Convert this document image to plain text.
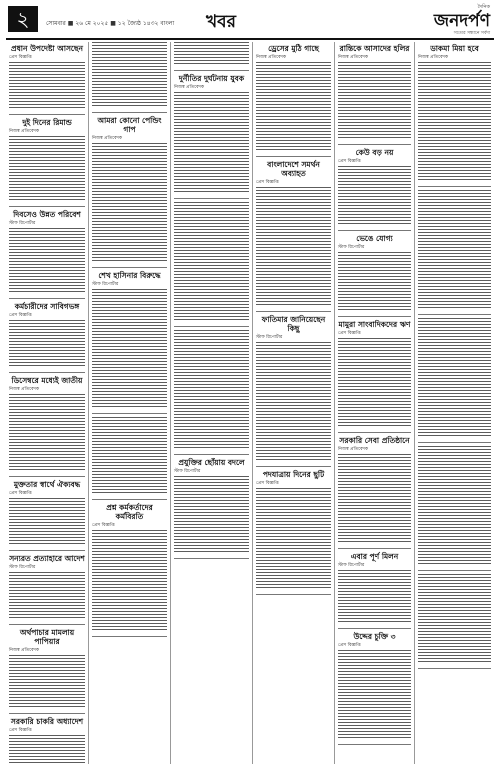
২	সোমবার ■ ২৬ মে ২০২৫ ■ ১২ জ্যৈষ্ঠ ১৪৩২ বাংলা খবর
দৈনিক
জনদর্পণ
সত্যের সন্ধানে সর্বদা
প্রধান উপদেষ্টা আসছেন
প্রেস বিজ্ঞপ্তি
দুই দিনের রিমান্ড
নিজস্ব প্রতিবেদক
দিবসেও উন্নত পরিবেশ
স্টাফ রিপোর্টার
কর্মচারীদের সাবিগভঙ্গ
প্রেস বিজ্ঞপ্তি
ডিসেম্বরে মধ্যেই জাতীয়
নিজস্ব প্রতিবেদক
মুক্ততার স্বার্থে ঐক্যবদ্ধ
প্রেস বিজ্ঞপ্তি
সন্যরত প্রত্যাহারে আদেশ
স্টাফ রিপোর্টার
অর্থপাচার মামলায় পাপিয়ার
নিজস্ব প্রতিবেদক
সরকারি চাকরি অধ্যাদেশ
প্রেস বিজ্ঞপ্তি
আমরা কোনো পেন্ডিং গাপ
নিজস্ব প্রতিবেদক
শেখ হাসিনার বিরুদ্ধে
স্টাফ রিপোর্টার
প্রশ্ন কর্মকর্তাদের কর্মবিরতি
প্রেস বিজ্ঞপ্তি
দুর্নীতির দুর্ঘটনায় যুবক
নিজস্ব প্রতিবেদক
প্রযুক্তির ছোঁয়ায় বদলে
স্টাফ রিপোর্টার
ড্রেসের মুঠি গাছে
নিজস্ব প্রতিবেদক
বাংলাদেশে সমর্থন অব্যাহত
প্রেস বিজ্ঞপ্তি
ফাতিমার জানিয়েছেন কিছু
স্টাফ রিপোর্টার
পদযাত্রায় দিনের ছুটি
প্রেস বিজ্ঞপ্তি
রান্তিকে আসাদের হলির
নিজস্ব প্রতিবেদক
কেউ বড় নয়
প্রেস বিজ্ঞপ্তি
ভেঙে যোগ্য
স্টাফ রিপোর্টার
মামুরা সাংবাদিকদের ঋণ
প্রেস বিজ্ঞপ্তি
সরকারি সেবা প্রতিষ্ঠানে
নিজস্ব প্রতিবেদক
এবার পূর্ণ মিলন
স্টাফ রিপোর্টার
উদ্দের চুক্তি ৩
প্রেস বিজ্ঞপ্তি
ডাকমা মিয়া হবে
নিজস্ব প্রতিবেদক
